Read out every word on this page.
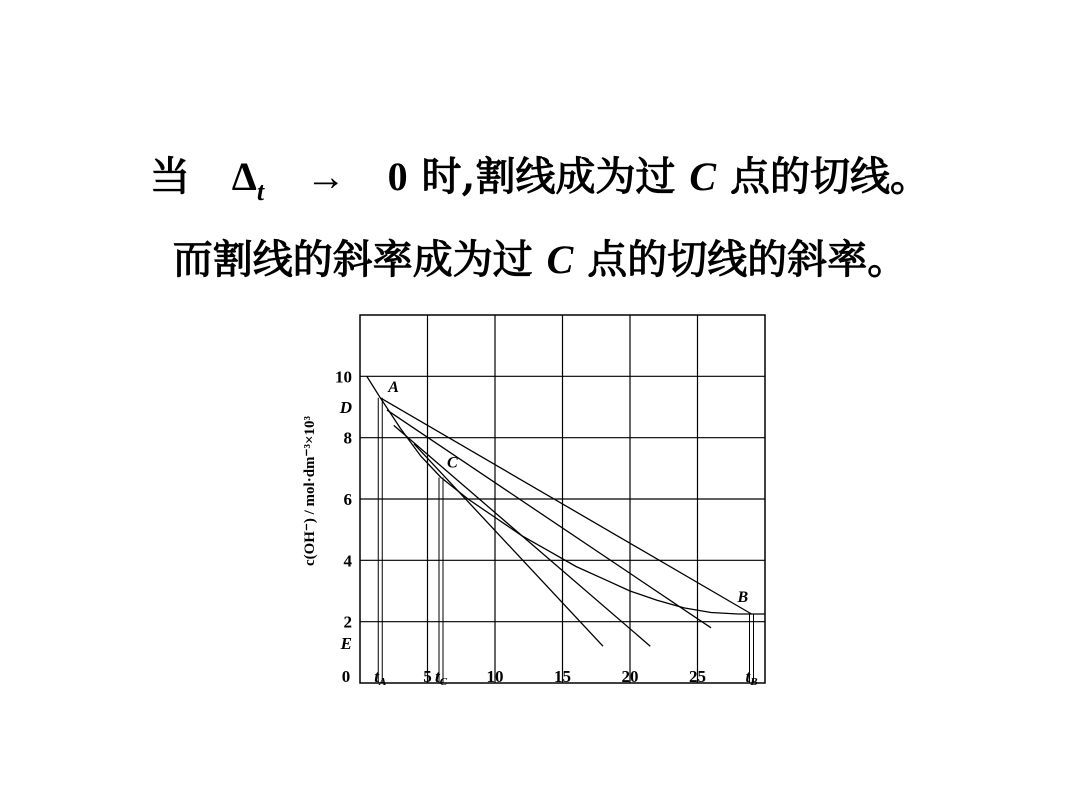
当 $\Delta_t \to 0$ 时,割线成为过 C 点的切线。
而割线的斜率成为过 C 点的切线的斜率。
A
C
B
10
8
6
4
2
D
E
0 tA 5 tC 10	15	20	25 tB
c(OH⁻) / mol·dm⁻³×10³
